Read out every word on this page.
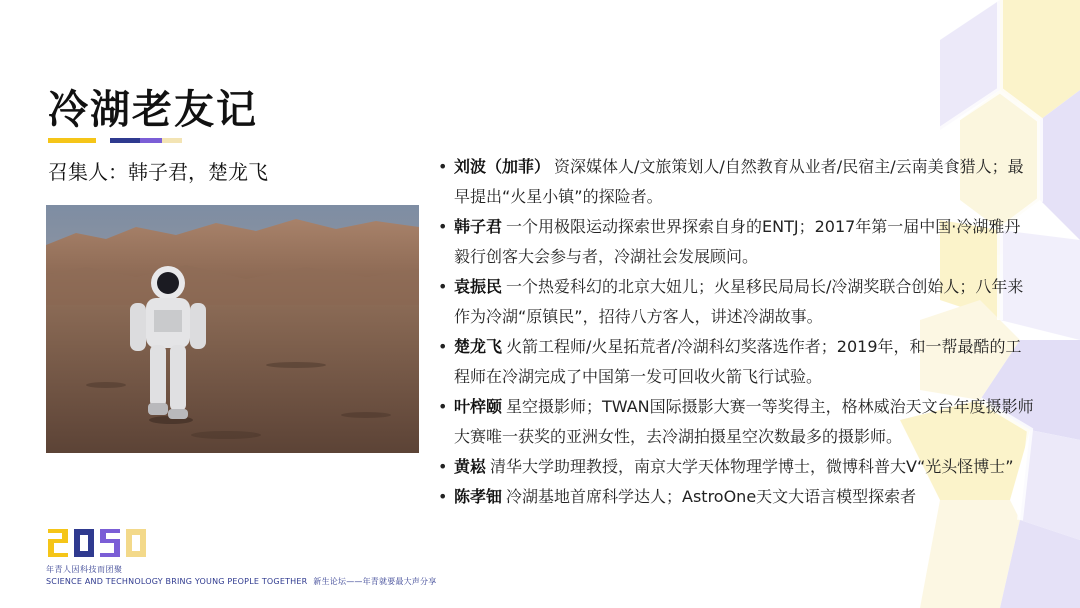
冷湖老友记
召集人：韩子君，楚龙飞	• 刘波（加菲） 资深媒体人/文旅策划人/自然教育从业者/民宿主/云南美食猎人；最早提出“火星小镇”的探险者。
• 韩子君 一个用极限运动探索世界探索自身的ENTJ；2017年第一届中国·冷湖雅丹毅行创客大会参与者，冷湖社会发展顾问。
• 袁振民 一个热爱科幻的北京大妞儿；火星移民局局长/冷湖奖联合创始人；八年来作为冷湖“原镇民”，招待八方客人，讲述冷湖故事。
• 楚龙飞 火箭工程师/火星拓荒者/冷湖科幻奖落选作者；2019年，和一帮最酷的工程师在冷湖完成了中国第一发可回收火箭飞行试验。
• 叶梓颐 星空摄影师；TWAN国际摄影大赛一等奖得主，格林威治天文台年度摄影师大赛唯一获奖的亚洲女性，去冷湖拍摄星空次数最多的摄影师。
• 黄崧 清华大学助理教授，南京大学天体物理学博士，微博科普大V“光头怪博士”
• 陈孝钿 冷湖基地首席科学达人；AstroOne天文大语言模型探索者
年青人因科技而团聚
SCIENCE AND TECHNOLOGY BRING YOUNG PEOPLE TOGETHER 新生论坛——年青就要最大声分享
